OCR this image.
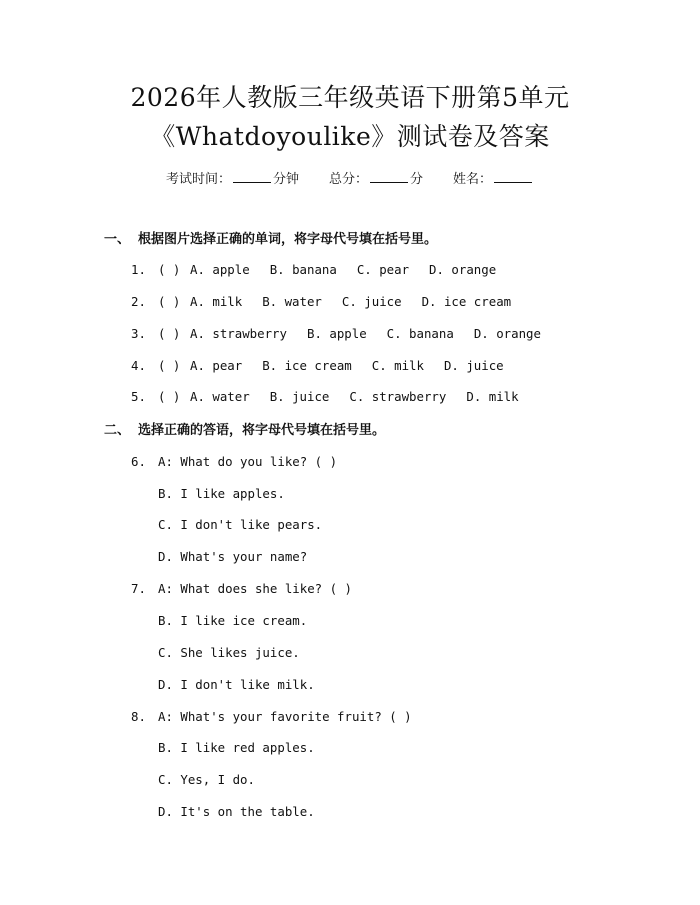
2026年人教版三年级英语下册第5单元
《Whatdoyoulike》测试卷及答案
考试时间：	分钟 总分：	分 姓名：
一、 根据图片选择正确的单词，将字母代号填在括号里。
1. ( ) A. apple B. banana C. pear D. orange
2. ( ) A. milk B. water C. juice D. ice cream
3. ( ) A. strawberry B. apple C. banana D. orange
4. ( ) A. pear B. ice cream C. milk D. juice
5. ( ) A. water B. juice C. strawberry D. milk
二、 选择正确的答语，将字母代号填在括号里。
6. A: What do you like? ( )
B. I like apples.
C. I don't like pears.
D. What's your name?
7. A: What does she like? ( )
B. I like ice cream.
C. She likes juice.
D. I don't like milk.
8. A: What's your favorite fruit? ( )
B. I like red apples.
C. Yes, I do.
D. It's on the table.
